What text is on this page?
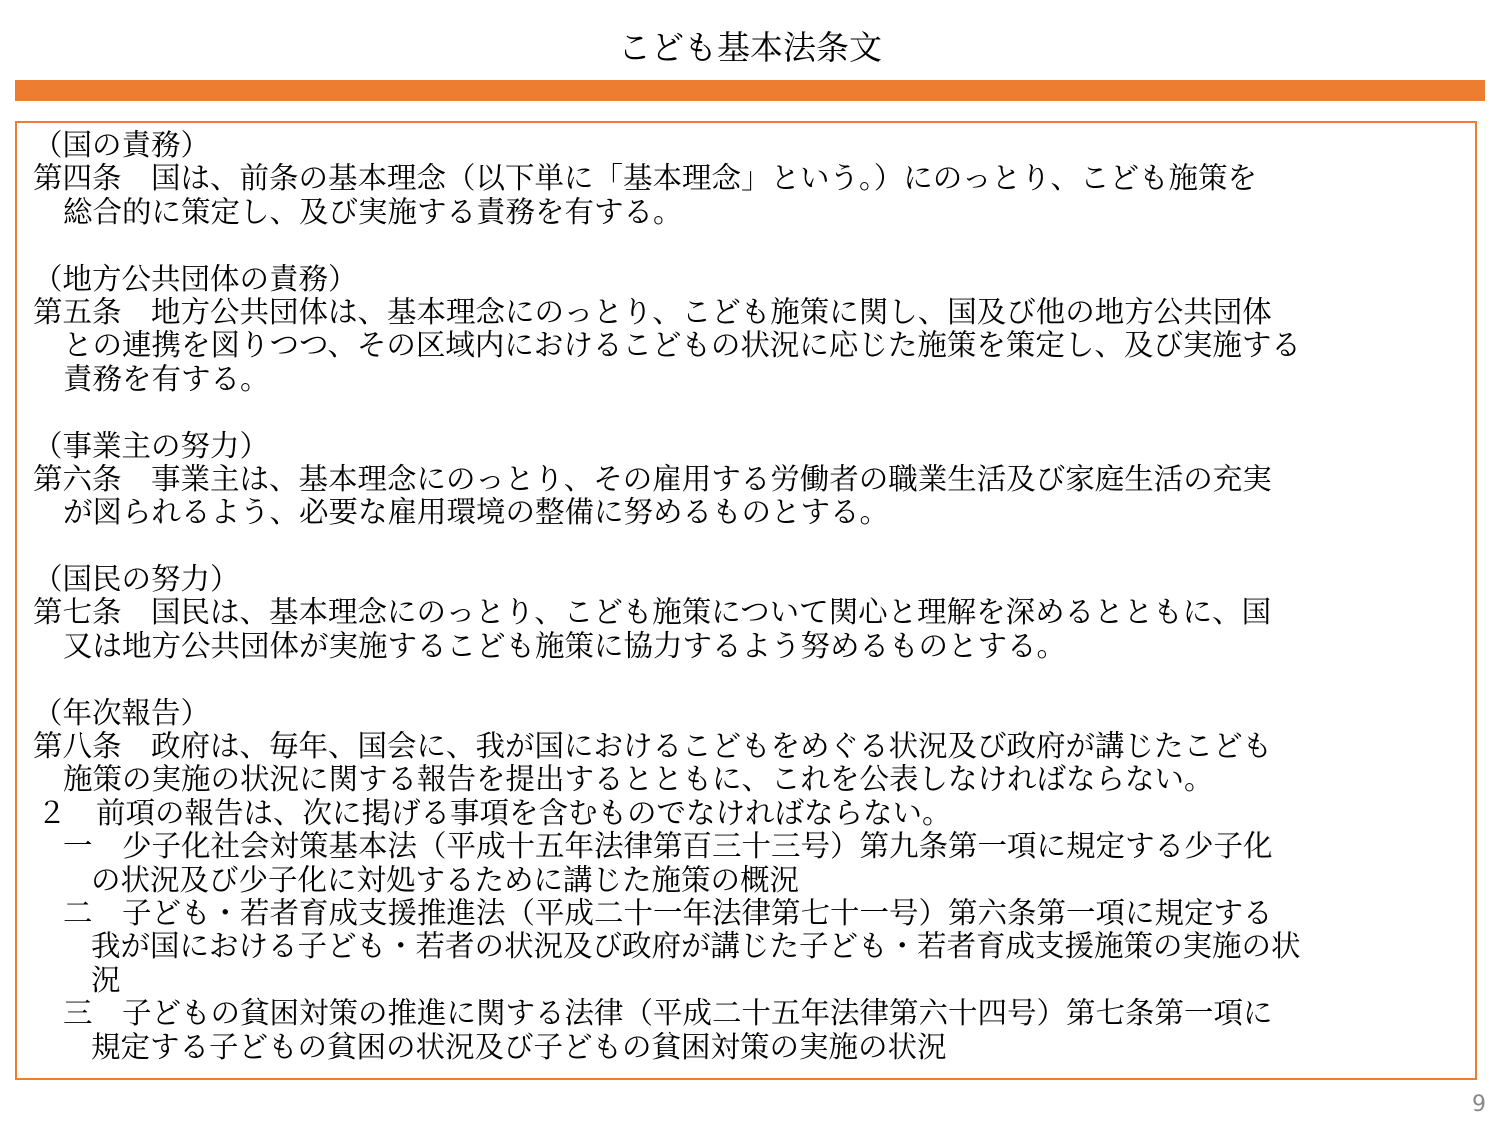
こども基本法条文
（国の責務）
第四条　国は、前条の基本理念（以下単に「基本理念」という。）にのっとり、こども施策を
総合的に策定し、及び実施する責務を有する。
（地方公共団体の責務）
第五条　地方公共団体は、基本理念にのっとり、こども施策に関し、国及び他の地方公共団体
との連携を図りつつ、その区域内におけるこどもの状況に応じた施策を策定し、及び実施する
責務を有する。
（事業主の努力）
第六条　事業主は、基本理念にのっとり、その雇用する労働者の職業生活及び家庭生活の充実
が図られるよう、必要な雇用環境の整備に努めるものとする。
（国民の努力）
第七条　国民は、基本理念にのっとり、こども施策について関心と理解を深めるとともに、国
又は地方公共団体が実施するこども施策に協力するよう努めるものとする。
（年次報告）
第八条　政府は、毎年、国会に、我が国におけるこどもをめぐる状況及び政府が講じたこども
施策の実施の状況に関する報告を提出するとともに、これを公表しなければならない。
２　前項の報告は、次に掲げる事項を含むものでなければならない。
一　少子化社会対策基本法（平成十五年法律第百三十三号）第九条第一項に規定する少子化
の状況及び少子化に対処するために講じた施策の概況
二　子ども・若者育成支援推進法（平成二十一年法律第七十一号）第六条第一項に規定する
我が国における子ども・若者の状況及び政府が講じた子ども・若者育成支援施策の実施の状
況
三　子どもの貧困対策の推進に関する法律（平成二十五年法律第六十四号）第七条第一項に
規定する子どもの貧困の状況及び子どもの貧困対策の実施の状況
9
